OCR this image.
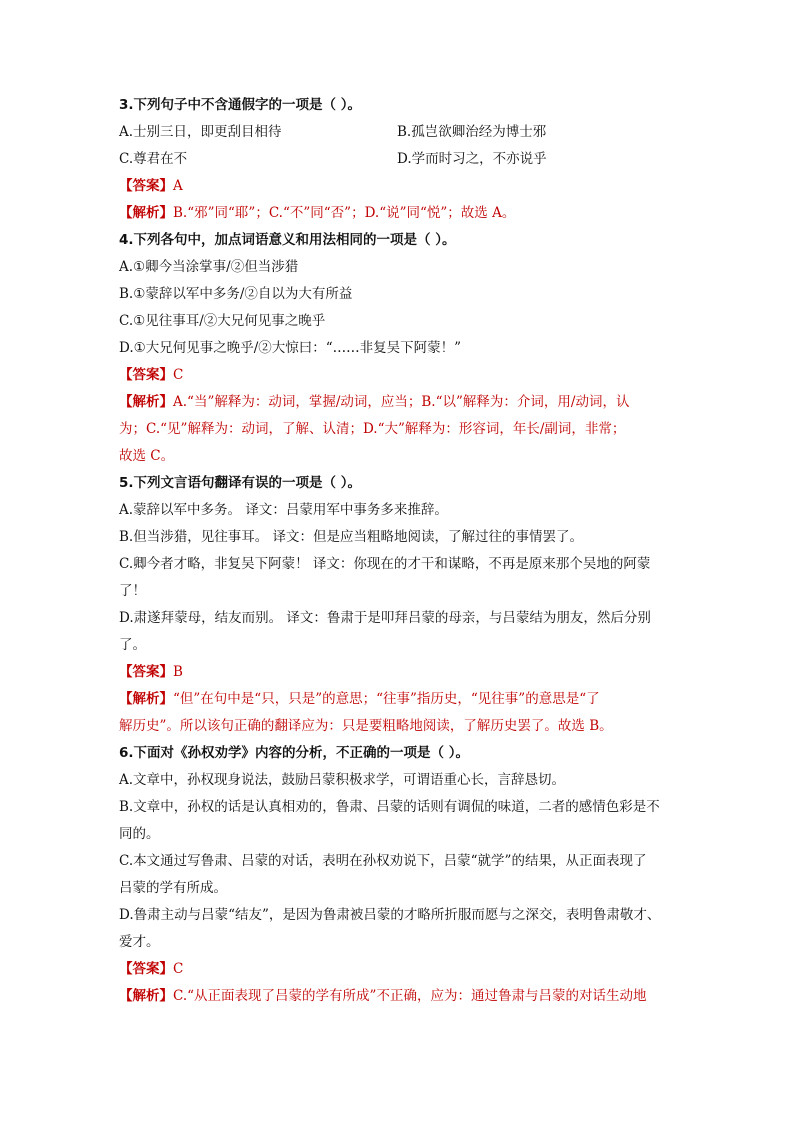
3.下列句子中不含通假字的一项是（ ）。
A.士别三日，即更刮目相待	B.孤岂欲卿治经为博士邪
C.尊君在不	D.学而时习之，不亦说乎
【答案】A
【解析】B.“邪”同“耶”；C.“不”同“否”；D.“说”同“悦”；故选 A。
4.下列各句中，加点词语意义和用法相同的一项是（ ）。
A.①卿今当涂掌事/②但当涉猎
B.①蒙辞以军中多务/②自以为大有所益
C.①见往事耳/②大兄何见事之晚乎
D.①大兄何见事之晚乎/②大惊曰：“……非复吴下阿蒙！”
【答案】C
【解析】A.“当”解释为：动词，掌握/动词，应当；B.“以”解释为：介词，用/动词，认
为；C.“见”解释为：动词，了解、认清；D.“大”解释为：形容词，年长/副词，非常；
故选 C。
5.下列文言语句翻译有误的一项是（ ）。
A.蒙辞以军中多务。 译文：吕蒙用军中事务多来推辞。
B.但当涉猎，见往事耳。 译文：但是应当粗略地阅读，了解过往的事情罢了。
C.卿今者才略，非复吴下阿蒙！ 译文：你现在的才干和谋略，不再是原来那个吴地的阿蒙
了！
D.肃遂拜蒙母，结友而别。 译文：鲁肃于是叩拜吕蒙的母亲，与吕蒙结为朋友，然后分别
了。
【答案】B
【解析】“但”在句中是“只，只是”的意思；“往事”指历史，“见往事”的意思是“了
解历史”。所以该句正确的翻译应为：只是要粗略地阅读，了解历史罢了。故选 B。
6.下面对《孙权劝学》内容的分析，不正确的一项是（ ）。
A.文章中，孙权现身说法，鼓励吕蒙积极求学，可谓语重心长，言辞恳切。
B.文章中，孙权的话是认真相劝的，鲁肃、吕蒙的话则有调侃的味道，二者的感情色彩是不
同的。
C.本文通过写鲁肃、吕蒙的对话，表明在孙权劝说下，吕蒙“就学”的结果，从正面表现了
吕蒙的学有所成。
D.鲁肃主动与吕蒙“结友”，是因为鲁肃被吕蒙的才略所折服而愿与之深交，表明鲁肃敬才、
爱才。
【答案】C
【解析】C.“从正面表现了吕蒙的学有所成”不正确，应为：通过鲁肃与吕蒙的对话生动地
